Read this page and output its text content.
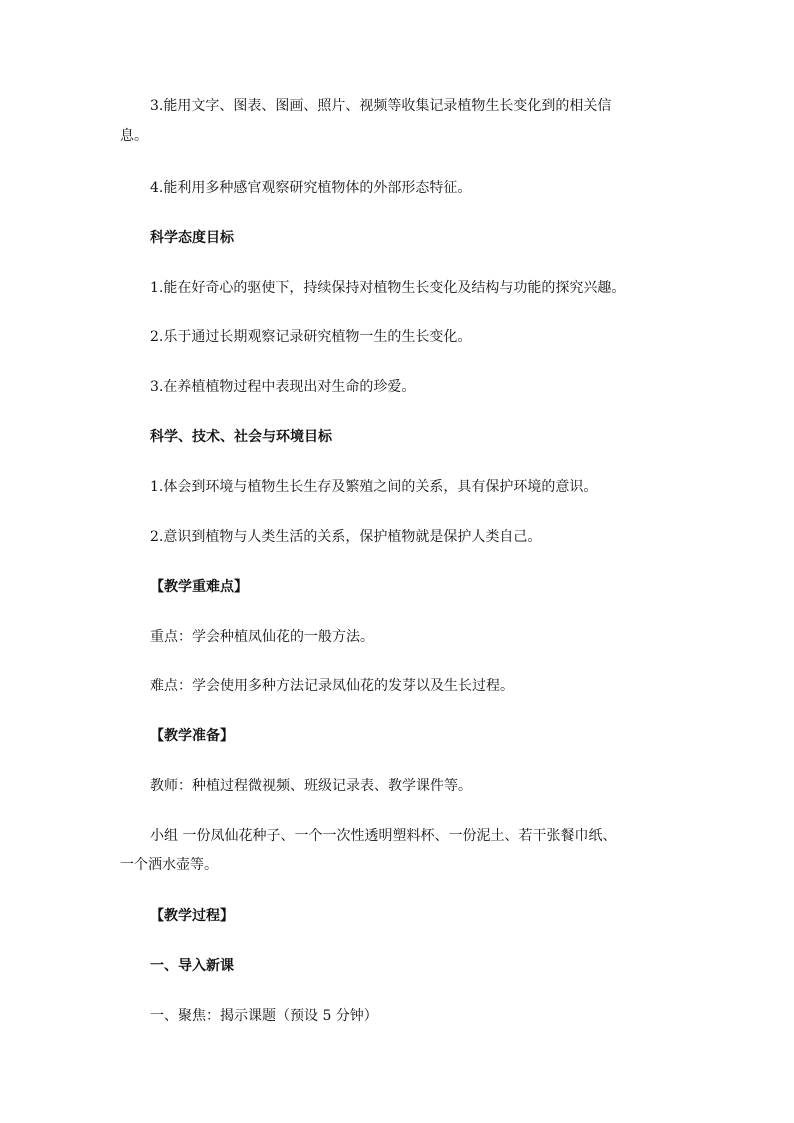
3.能用文字、图表、图画、照片、视频等收集记录植物生长变化到的相关信
息。
4.能利用多种感官观察研究植物体的外部形态特征。
科学态度目标
1.能在好奇心的驱使下，持续保持对植物生长变化及结构与功能的探究兴趣。
2.乐于通过长期观察记录研究植物一生的生长变化。
3.在养植植物过程中表现出对生命的珍爱。
科学、技术、社会与环境目标
1.体会到环境与植物生长生存及繁殖之间的关系，具有保护环境的意识。
2.意识到植物与人类生活的关系，保护植物就是保护人类自己。
【教学重难点】
重点：学会种植凤仙花的一般方法。
难点：学会使用多种方法记录凤仙花的发芽以及生长过程。
【教学准备】
教师：种植过程微视频、班级记录表、教学课件等。
小组 一份凤仙花种子、一个一次性透明塑料杯、一份泥土、若干张餐巾纸、
一个洒水壶等。
【教学过程】
一、导入新课
一、聚焦：揭示课题（预设 5 分钟）
